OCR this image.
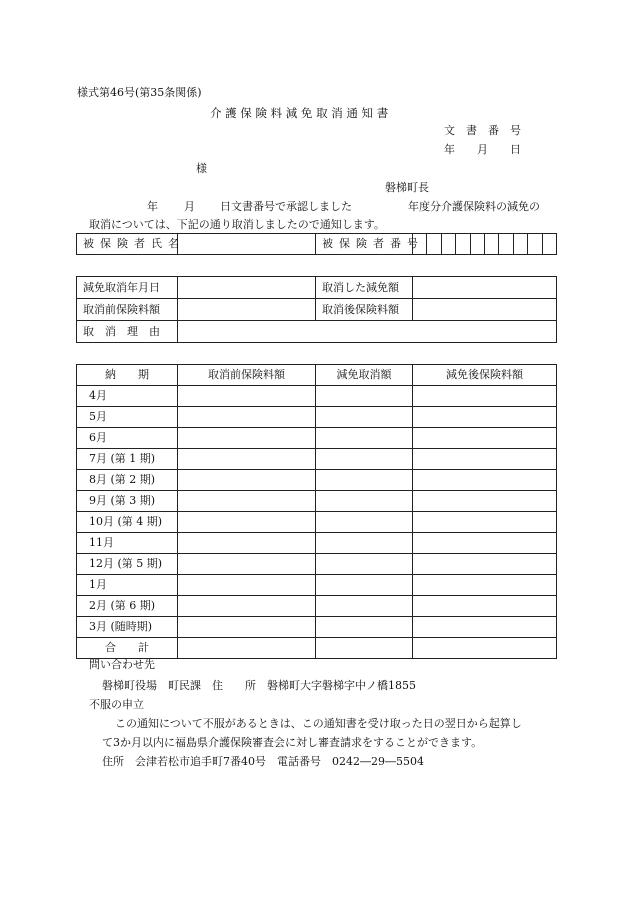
様式第46号(第35条関係)
介 護 保 険 料 減 免 取 消 通 知 書
文　書　番　号
年　　月　　日
様
磐梯町長
年 月 日文書番号で承認しました	年度分介護保険料の減免の
取消については、下記の通り取消しましたので通知します。
被保険者氏名		被保険者番号										
減免取消年月日		取消した減免額	
取消前保険料額		取消後保険料額	
取　消　理　由			
納　　期	取消前保険料額	減免取消額	減免後保険料額
4月			
5月			
6月			
7月 (第 1 期)			
8月 (第 2 期)			
9月 (第 3 期)			
10月 (第 4 期)			
11月			
12月 (第 5 期)			
1月			
2月 (第 6 期)			
3月 (随時期)			
合　　計			
問い合わせ先
磐梯町役場　町民課　住　　所　磐梯町大字磐梯字中ノ橋1855
不服の申立
この通知について不服があるときは、この通知書を受け取った日の翌日から起算し
て3か月以内に福島県介護保険審査会に対し審査請求をすることができます。
住所　会津若松市追手町7番40号　電話番号　0242―29―5504
